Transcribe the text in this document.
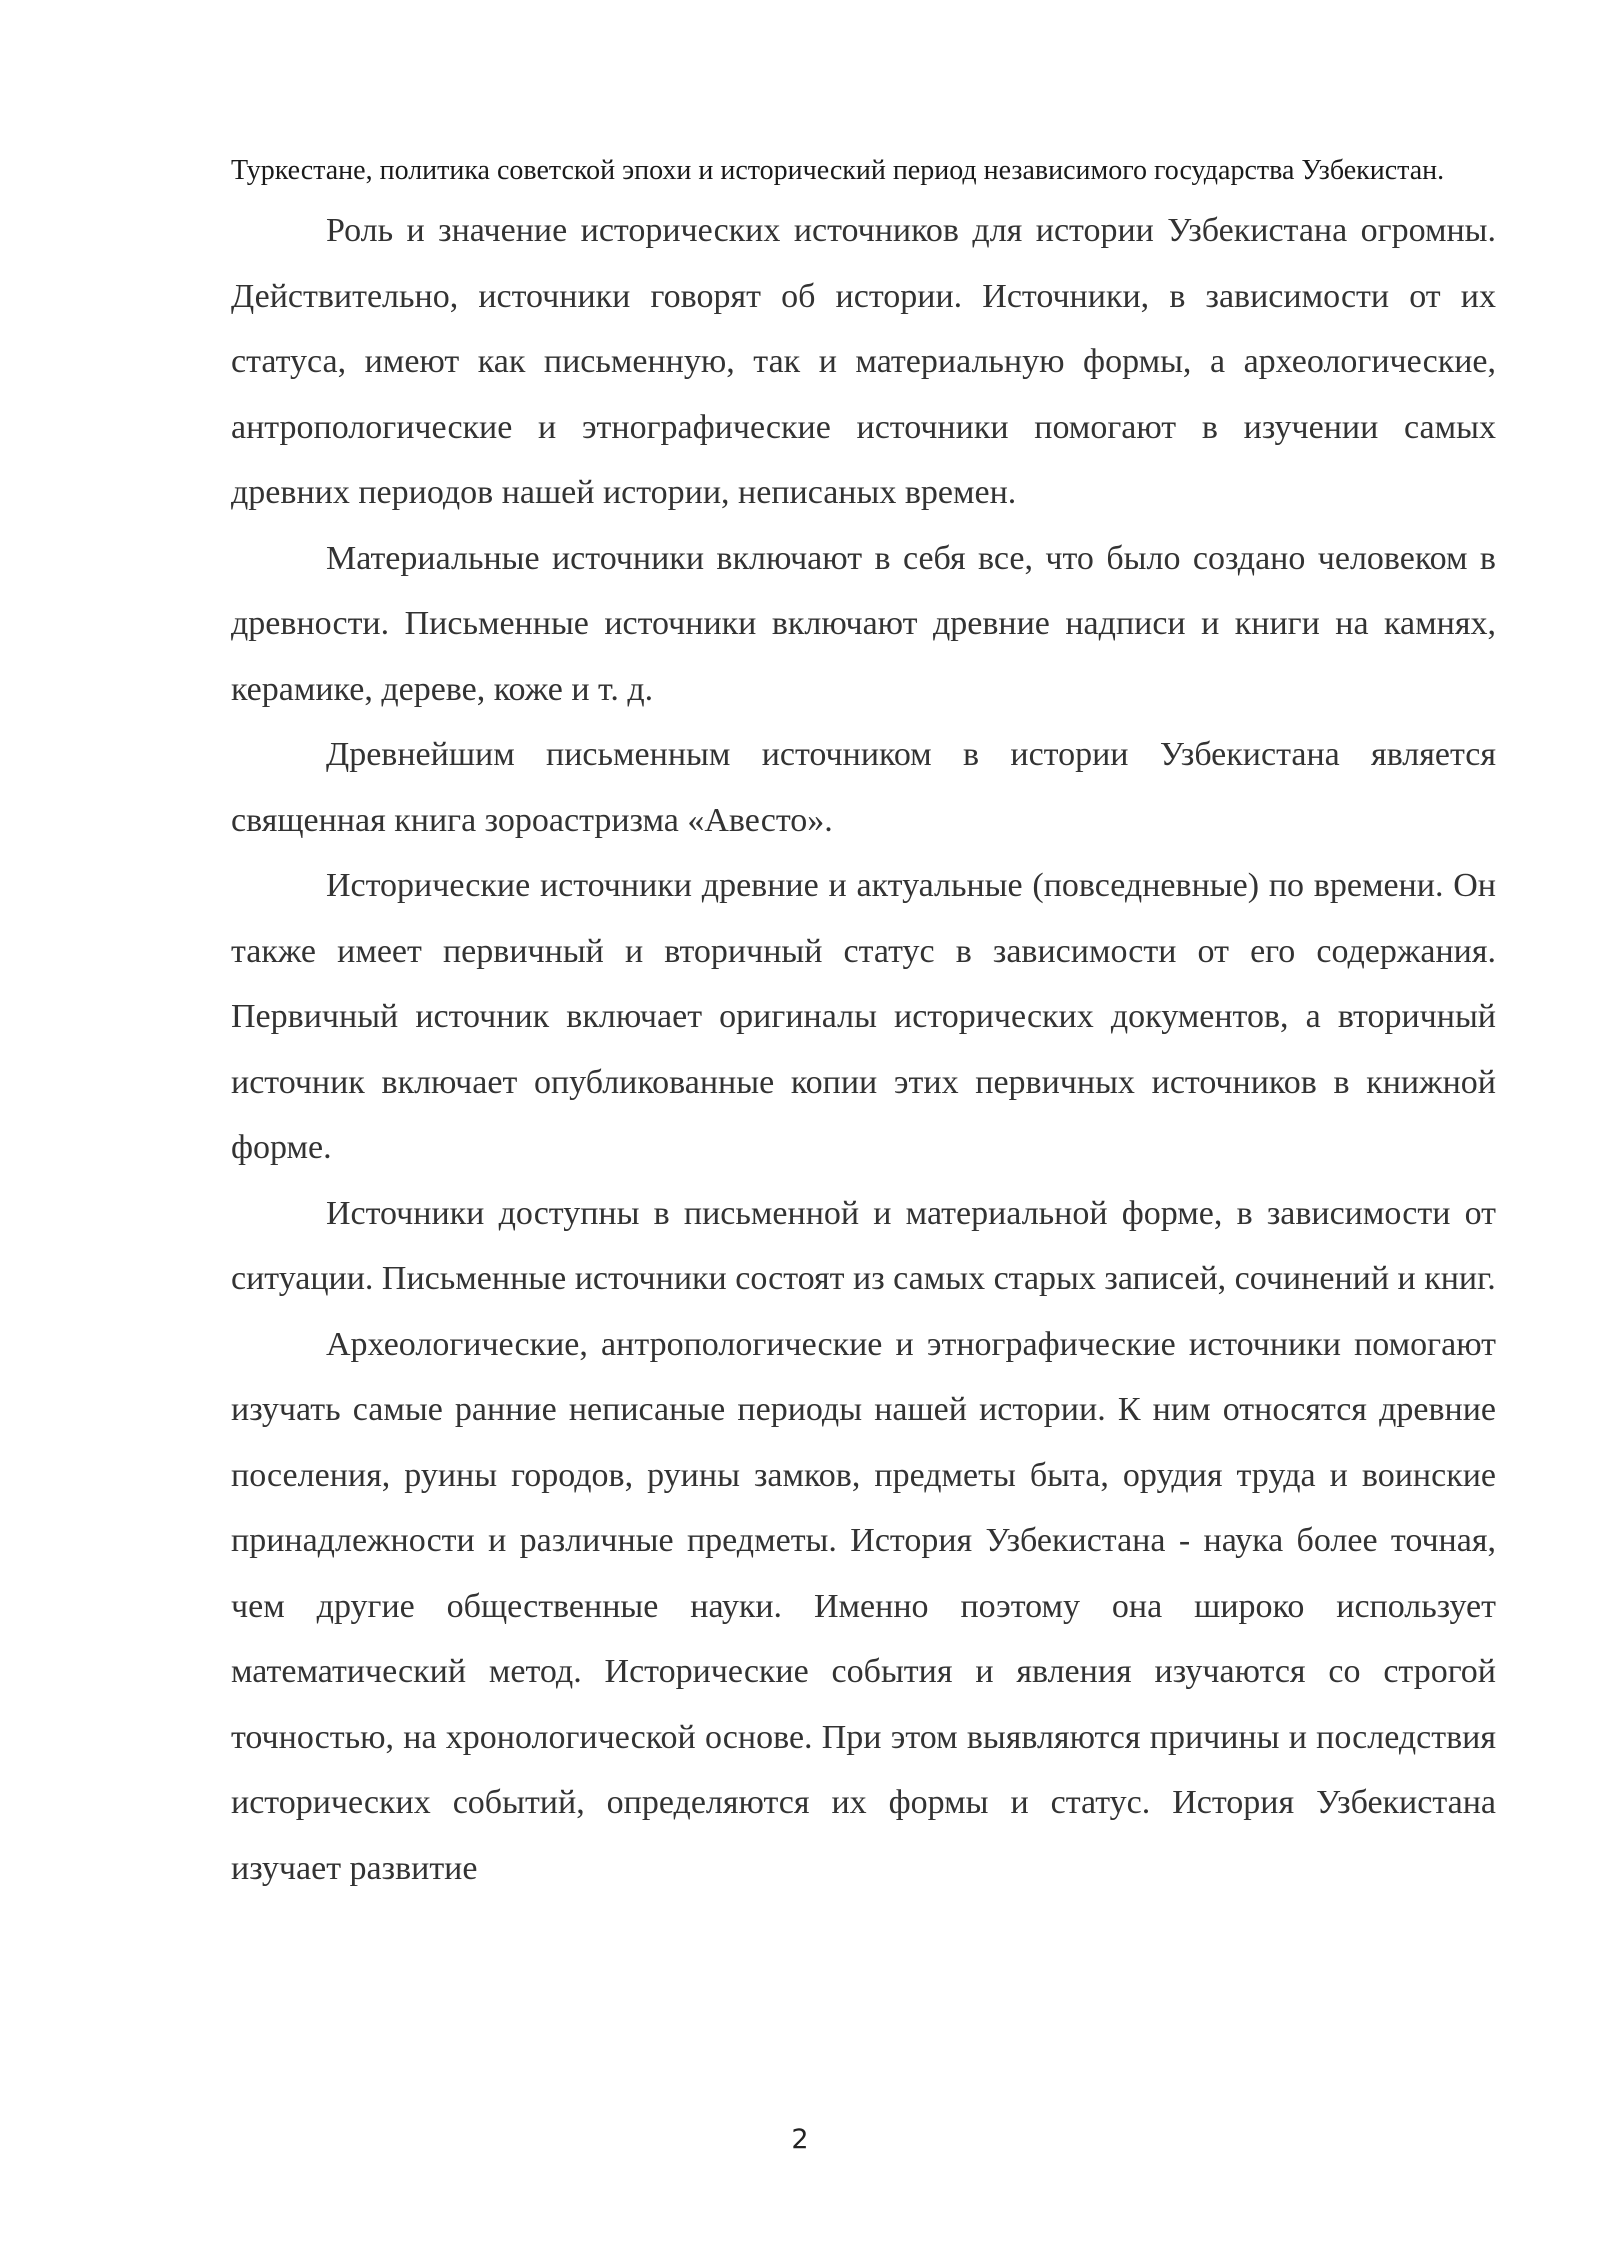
Туркестане, политика советской эпохи и исторический период независимого государства Узбекистан.

Роль и значение исторических источников для истории Узбекистана огромны. Действительно, источники говорят об истории. Источники, в зависимости от их статуса, имеют как письменную, так и материальную формы, а археологические, антропологические и этнографические источники помогают в изучении самых древних периодов нашей истории, неписаных времен.

Материальные источники включают в себя все, что было создано человеком в древности. Письменные источники включают древние надписи и книги на камнях, керамике, дереве, коже и т. д.

Древнейшим письменным источником в истории Узбекистана является священная книга зороастризма «Авесто».

Исторические источники древние и актуальные (повседневные) по времени. Он также имеет первичный и вторичный статус в зависимости от его содержания. Первичный источник включает оригиналы исторических документов, а вторичный источник включает опубликованные копии этих первичных источников в книжной форме.

Источники доступны в письменной и материальной форме, в зависимости от ситуации. Письменные источники состоят из самых старых записей, сочинений и книг.

Археологические, антропологические и этнографические источники помогают изучать самые ранние неписаные периоды нашей истории. К ним относятся древние поселения, руины городов, руины замков, предметы быта, орудия труда и воинские принадлежности и различные предметы. История Узбекистана - наука более точная, чем другие общественные науки. Именно поэтому она широко использует математический метод. Исторические события и явления изучаются со строгой точностью, на хронологической основе. При этом выявляются причины и последствия исторических событий, определяются их формы и статус. История Узбекистана изучает развитие

2
